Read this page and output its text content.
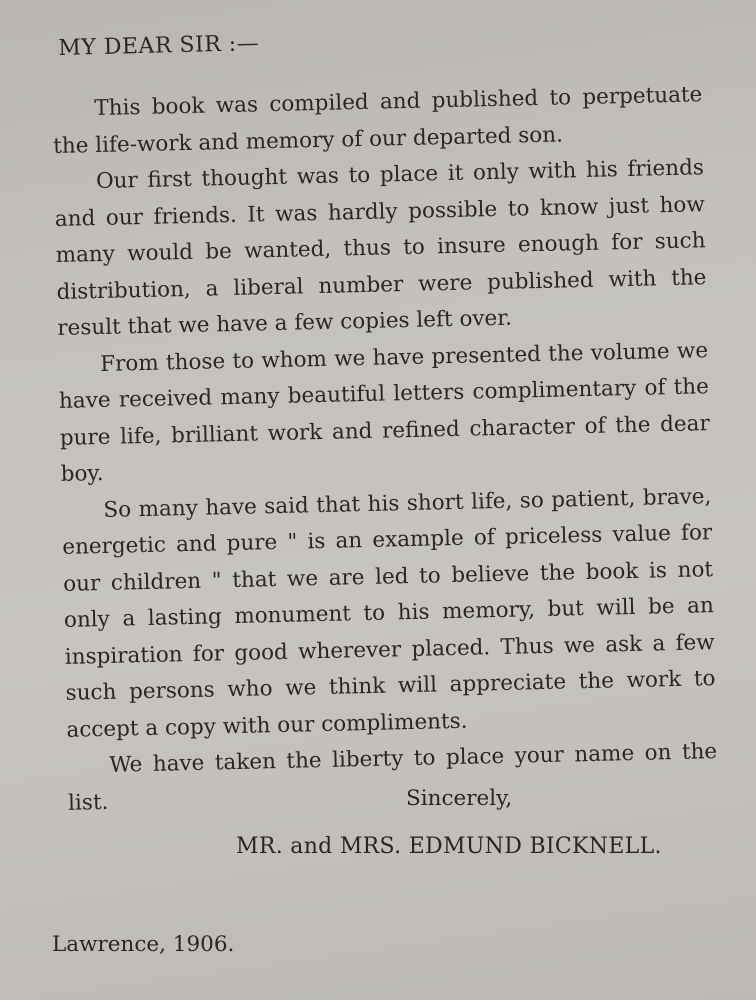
MY DEAR SIR :—

This book was compiled and published to perpetuate the life-work and memory of our departed son.

Our first thought was to place it only with his friends and our friends. It was hardly possible to know just how many would be wanted, thus to insure enough for such distribution, a liberal number were published with the result that we have a few copies left over.

From those to whom we have presented the volume we have received many beautiful letters complimentary of the pure life, brilliant work and refined character of the dear boy.

So many have said that his short life, so patient, brave, energetic and pure " is an example of priceless value for our children " that we are led to believe the book is not only a lasting monument to his memory, but will be an inspiration for good wherever placed. Thus we ask a few such persons who we think will appreciate the work to accept a copy with our compliments.

We have taken the liberty to place your name on the list.	Sincerely,
MR. and MRS. EDMUND BICKNELL.
Lawrence, 1906.
